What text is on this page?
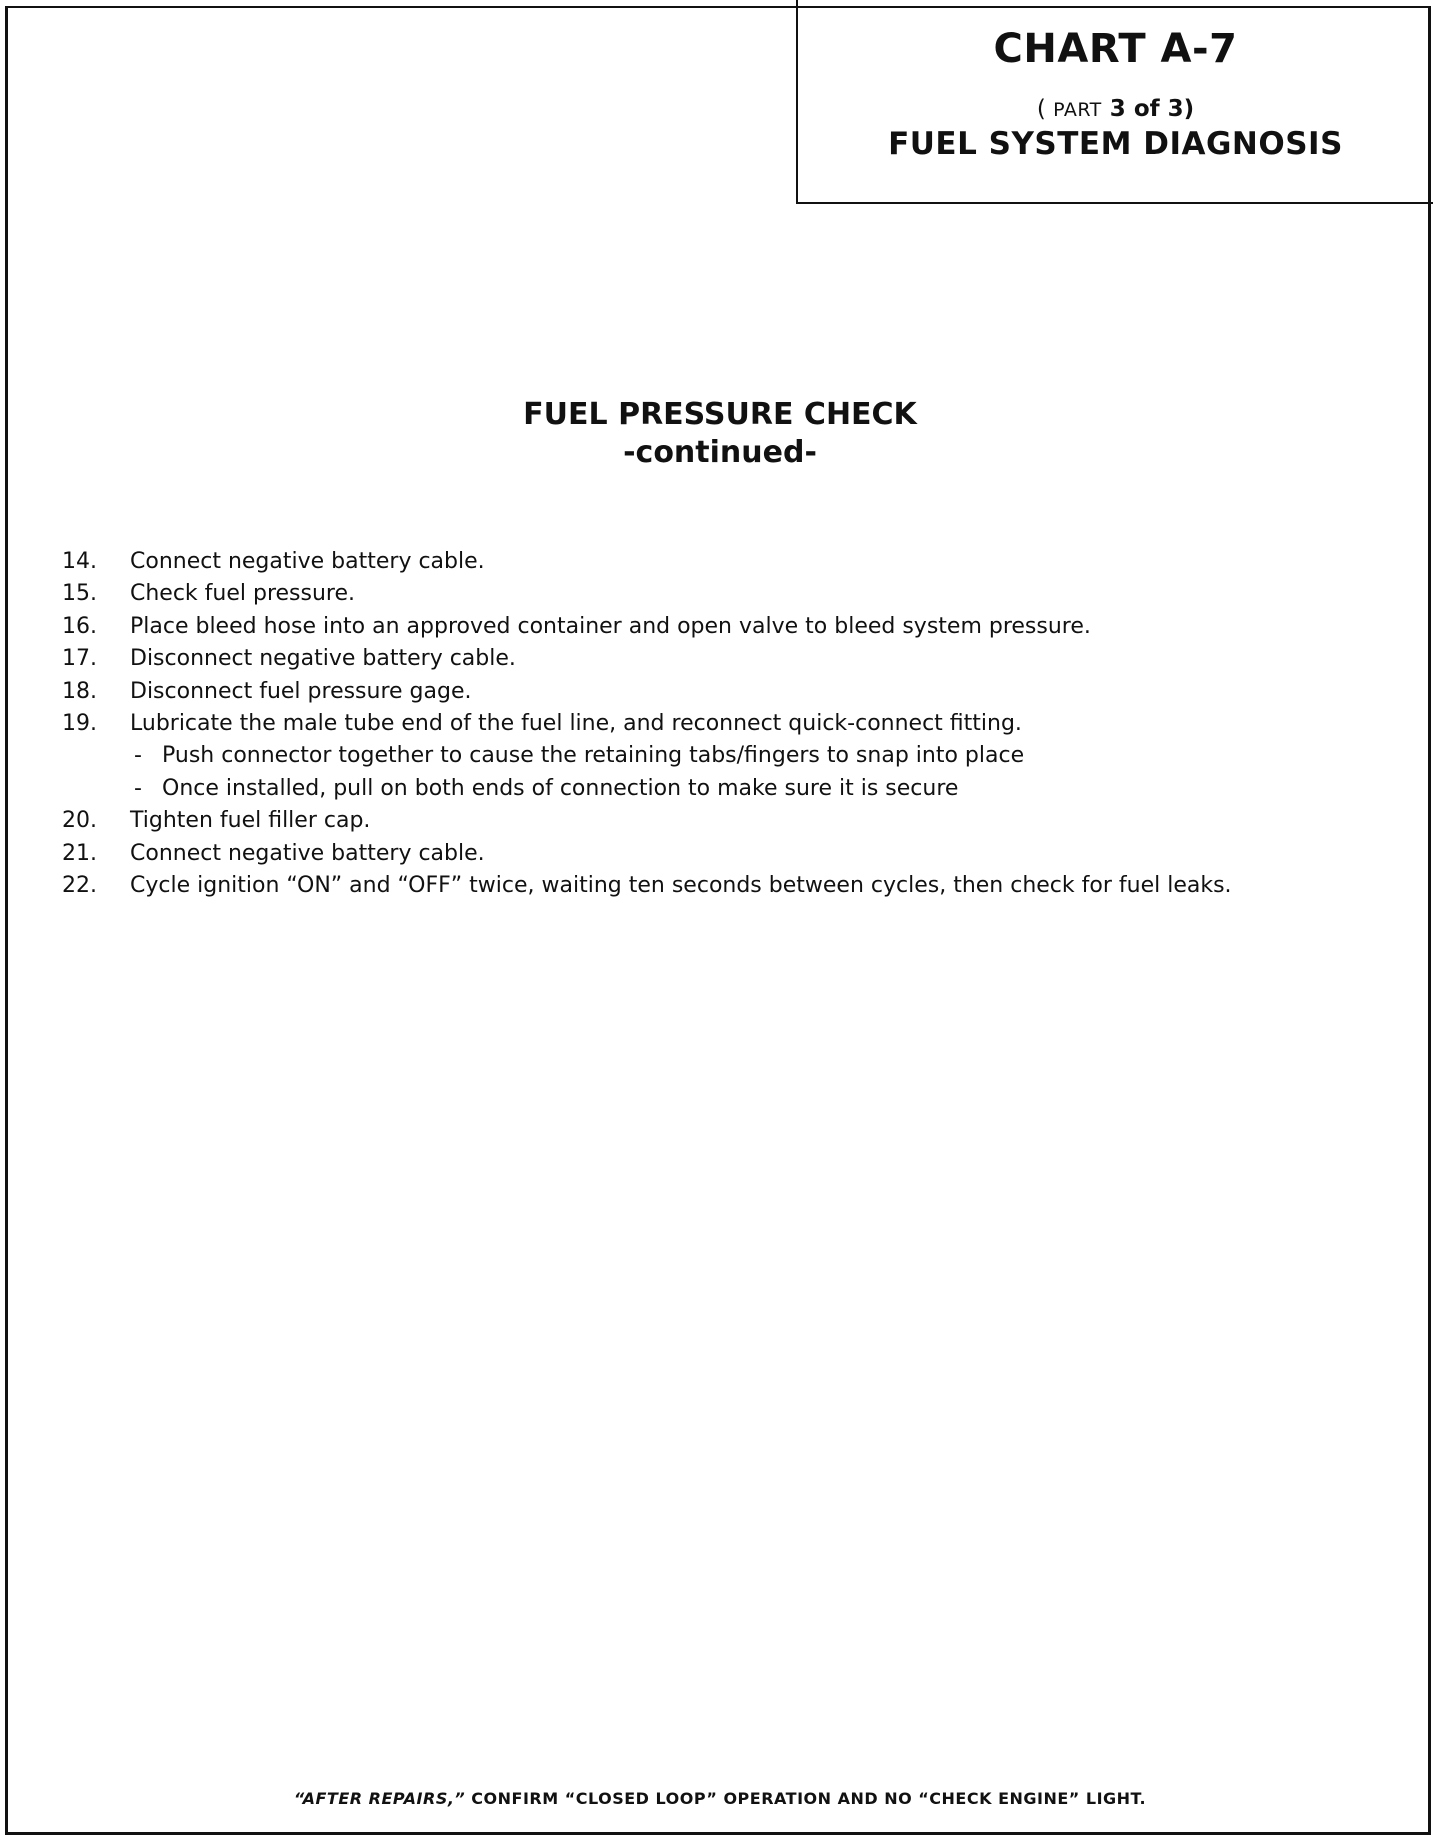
CHART A-7
( PART 3 of 3)
FUEL SYSTEM DIAGNOSIS
FUEL PRESSURE CHECK
-continued-
14.	Connect negative battery cable.
15.	Check fuel pressure.
16.	Place bleed hose into an approved container and open valve to bleed system pressure.
17.	Disconnect negative battery cable.
18.	Disconnect fuel pressure gage.
19.	Lubricate the male tube end of the fuel line, and reconnect quick-connect fitting.
- Push connector together to cause the retaining tabs/fingers to snap into place
- Once installed, pull on both ends of connection to make sure it is secure
20.	Tighten fuel filler cap.
21.	Connect negative battery cable.
22.	Cycle ignition “ON” and “OFF” twice, waiting ten seconds between cycles, then check for fuel leaks.
“AFTER REPAIRS,” CONFIRM “CLOSED LOOP” OPERATION AND NO “CHECK ENGINE” LIGHT.
